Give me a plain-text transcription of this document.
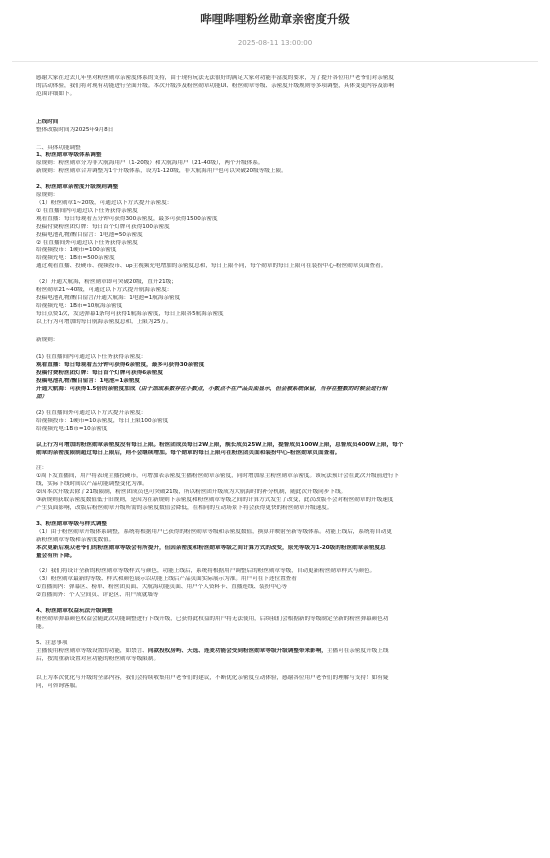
哔哩哔哩粉丝勋章亲密度升级
2025-08-11 13:00:00
感谢大家在过去几年里对粉丝勋章亲密度体系的支持，由于现有玩法无法很好的满足大家对功能丰富度的要求，为了提升各位用户老爷们对亲密度
的活动体验，我们将对现有功能进行全面升级。本次升级涉及粉丝勋章功能UI、粉丝勋章等级、亲密度升级规则等多项调整，具体变更内容及影响
范围详细如下。
上线时间
整体改版时间为2025年9月8日
二、具体功能调整
1、粉丝勋章等级体系调整
原规则：粉丝勋章分为非大航海用户（1-20级）和大航海用户（21-40级），两个升级体系。
新规则：粉丝勋章合并调整为1个升级体系，设为1-120级，非大航海用户也可以突破20级等级上限。
2、粉丝勋章亲密度升级规则调整
原规则：
（1）粉丝勋章1~20级，可通过以下方式提升亲密度：
① 在直播间内可通过以下任务获得亲密度
观看直播：每日每观看五分钟可获得300亲密度，最多可获得1500亲密度
投稿付费粉丝团灯牌：每日首个灯牌可获得100亲密度
投稿电池礼物/醒目留言：1电池=50亲密度
② 在直播间外可通过以下任务获得亲密度
给视频投币：1硬币=100亲密度
给视频充电：1B币=500亲密度
通过观看直播、投硬币、视频投币、up主视频充电增加的亲密度总和，每日上限不同，每个勋章的每日上限可在装扮中心-粉丝勋章页面查看。
（2）开通大航海，粉丝勋章即可突破20级，直升21级；
粉丝勋章21~40级，可通过以下方式提升航海亲密度：
投稿电池礼物/醒目留言/开通大航海：1电池=1航海亲密度
给视频充电：1B币=10航海亲密度
每日点赞1次，发送弹幕1条均可获得1航海亲密度，每日上限各5航海亲密度
以上行为可增加的每日航海亲密度总和，上限为25万。
新规则：
(1) 在直播间内可通过以下任务获得亲密度：
观看直播：每日每观看五分钟可获得6亲密度，最多可获得30亲密度
投稿付费粉丝团灯牌：每日首个灯牌可获得6亲密度
投稿电池礼物/醒目留言：1电池=1亲密度
开通大航海：可获得1.5倍的亲密度加成（由于加成系数存在小数点，小数点不在产品页面显示，但会被系统保留，当存在整数的时候会进行相
加）
(2) 在直播间外可通过以下方式提升亲密度：
给视频投币：1硬币=10亲密度，每日上限100亲密度
给视频充电:1B币=10亲密度
以上行为可增加的粉丝勋章亲密度没有每日上限。粉丝团成员每日2W上限，舰长成员25W上限，提督成员100W上限，总督成员400W上限，每个
勋章的亲密度限制超过每日上限后，则不会继续增加。每个勋章的每日上限可在粉丝团页面和装扮中心-粉丝勋章页面查看。
注：
①周下发直播间，用户将表现主播投硬币，可增加表亲密度生播粉丝勋章亲密度，同时增加原主粉丝勋章亲密度。该玩法预计会在此次升级前进行下
线，实际下线时间以产品功能调整变化为准。
②因本次升级去除了21级限制，粉丝团成员也可突破21级，所以粉丝团升级成为大航海时的补分机制，随此次升级同步下线。
③新规则获取亲密度数值低于旧规则，是因为在新规则下亲密度和粉丝勋章等级之间的计算方式发生了改变，此次改版不会对粉丝勋章的升级速度
产生负面影响，改版后粉丝勋章升级所需的亲密度数值会降低，在相同的互动场景下将会获得更快的粉丝勋章升级速度。
3、粉丝勋章等级与样式调整
（1）由于粉丝勋章升级体系调整，系统将根据用户已获得的粉丝勋章等级和亲密度数值，换算并映射至新等级体系。功能上线后，系统将自动更
新粉丝勋章等级和亲密度数值。
本次更新后观众老爷们的粉丝勋章等级会有所提升，但因亲密度和粉丝勋章等级之间计算方式的改变，原先等级为1-20级的粉丝勋章亲密度总
量会有所下降。
（2）我们将设计全新的粉丝勋章等级样式与颜色，功能上线后，系统将根据用户调整后的粉丝勋章等级，自动更新粉丝勋章样式与颜色。
（3）粉丝勋章最新的等级、样式和颜色展示以功能上线后产品页面实际展示为准。用户可在下述位置查看
①直播间内：弹幕区、榜单、粉丝团页面、大航海功能页面、用户个人资料卡、直播连线、装扮中心等
②直播间外：个人空间页、评论区、用户成就墙等
4、粉丝勋章权益玩法升级调整
粉丝勋章弹幕颜色权益会随此次功能调整进行下线升级，已获得此权益的用户将无法使用，后续我们会根据新的等级制定全新的粉丝弹幕颜色功
能。
5、注意事项
主播使用粉丝勋章等级设置的功能，如禁言、同款投权房屿、天选、连麦功能会受到粉丝勋章等级升级调整带来影响，主播可在亲密度升级上线
后，按需重新设置对应功能的粉丝勋章等级限制。
以上为本次优化与升级的全部内容，我们会持续收集用户老爷们的建议，不断优化亲密度互动体验，感谢各位用户老爷们的理解与支持！如有疑
问，可咨询客服。
